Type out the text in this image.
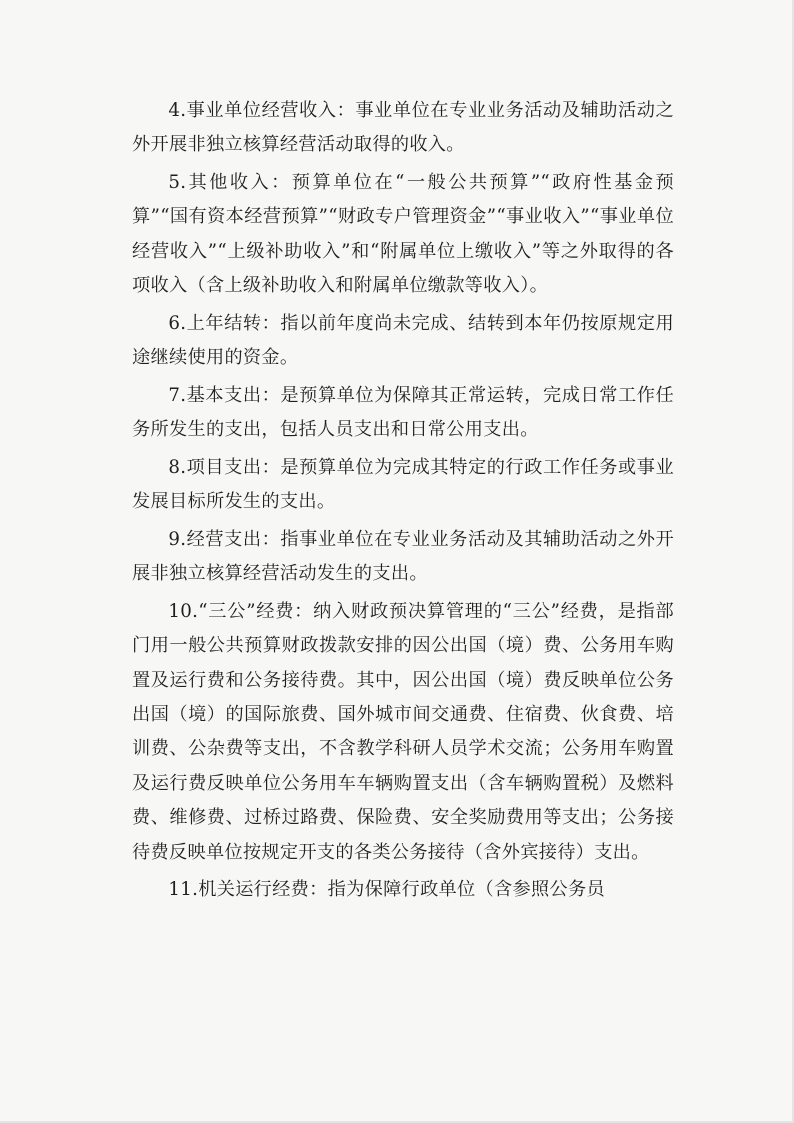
4.事业单位经营收入：事业单位在专业业务活动及辅助活动之外开展非独立核算经营活动取得的收入。

5.其他收入：预算单位在“一般公共预算”“政府性基金预算”“国有资本经营预算”“财政专户管理资金”“事业收入”“事业单位经营收入”“上级补助收入”和“附属单位上缴收入”等之外取得的各项收入（含上级补助收入和附属单位缴款等收入）。

6.上年结转：指以前年度尚未完成、结转到本年仍按原规定用途继续使用的资金。

7.基本支出：是预算单位为保障其正常运转，完成日常工作任务所发生的支出，包括人员支出和日常公用支出。

8.项目支出：是预算单位为完成其特定的行政工作任务或事业发展目标所发生的支出。

9.经营支出：指事业单位在专业业务活动及其辅助活动之外开展非独立核算经营活动发生的支出。

10.“三公”经费：纳入财政预决算管理的“三公”经费，是指部门用一般公共预算财政拨款安排的因公出国（境）费、公务用车购置及运行费和公务接待费。其中，因公出国（境）费反映单位公务出国（境）的国际旅费、国外城市间交通费、住宿费、伙食费、培训费、公杂费等支出，不含教学科研人员学术交流；公务用车购置及运行费反映单位公务用车车辆购置支出（含车辆购置税）及燃料费、维修费、过桥过路费、保险费、安全奖励费用等支出；公务接待费反映单位按规定开支的各类公务接待（含外宾接待）支出。

11.机关运行经费：指为保障行政单位（含参照公务员
